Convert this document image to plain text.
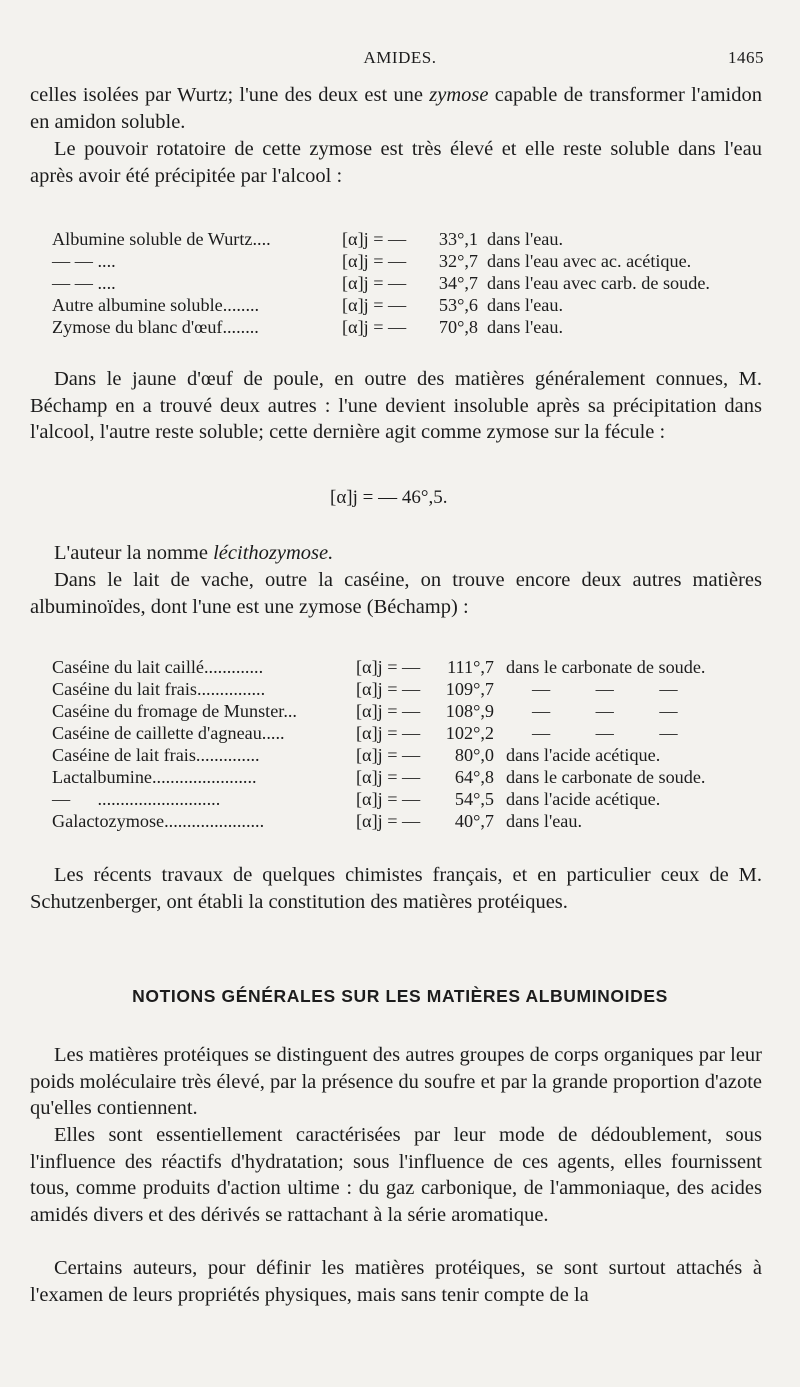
AMIDES.	1465

celles isolées par Wurtz; l'une des deux est une zymose capable de transformer l'amidon en amidon soluble.

Le pouvoir rotatoire de cette zymose est très élevé et elle reste soluble dans l'eau après avoir été précipitée par l'alcool :

Albumine soluble de Wurtz....	[α]j = —	33°,1 dans l'eau.
— — ....	[α]j = —	32°,7 dans l'eau avec ac. acétique.
— — ....	[α]j = —	34°,7 dans l'eau avec carb. de soude.
Autre albumine soluble........	[α]j = —	53°,6 dans l'eau.
Zymose du blanc d'œuf........	[α]j = —	70°,8 dans l'eau.

Dans le jaune d'œuf de poule, en outre des matières généralement connues, M. Béchamp en a trouvé deux autres : l'une devient insoluble après sa précipitation dans l'alcool, l'autre reste soluble; cette dernière agit comme zymose sur la fécule :

[α]j = — 46°,5.

L'auteur la nomme lécithozymose.

Dans le lait de vache, outre la caséine, on trouve encore deux autres matières albuminoïdes, dont l'une est une zymose (Béchamp) :

Caséine du lait caillé.............	[α]j = —	111°,7 dans le carbonate de soude.
Caséine du lait frais...............	[α]j = —	109°,7 —          —          —
Caséine du fromage de Munster...	[α]j = —	108°,9 —          —          —
Caséine de caillette d'agneau.....	[α]j = —	102°,2 —          —          —
Caséine de lait frais..............	[α]j = —	80°,0 dans l'acide acétique.
Lactalbumine.......................	[α]j = —	64°,8 dans le carbonate de soude.
—      ...........................	[α]j = —	54°,5 dans l'acide acétique.
Galactozymose......................	[α]j = —	40°,7 dans l'eau.

Les récents travaux de quelques chimistes français, et en particulier ceux de M. Schutzenberger, ont établi la constitution des matières protéiques.

NOTIONS GÉNÉRALES SUR LES MATIÈRES ALBUMINOIDES

Les matières protéiques se distinguent des autres groupes de corps organiques par leur poids moléculaire très élevé, par la présence du soufre et par la grande proportion d'azote qu'elles contiennent.

Elles sont essentiellement caractérisées par leur mode de dédoublement, sous l'influence des réactifs d'hydratation; sous l'influence de ces agents, elles fournissent tous, comme produits d'action ultime : du gaz carbonique, de l'ammoniaque, des acides amidés divers et des dérivés se rattachant à la série aromatique.

Certains auteurs, pour définir les matières protéiques, se sont surtout attachés à l'examen de leurs propriétés physiques, mais sans tenir compte de la
